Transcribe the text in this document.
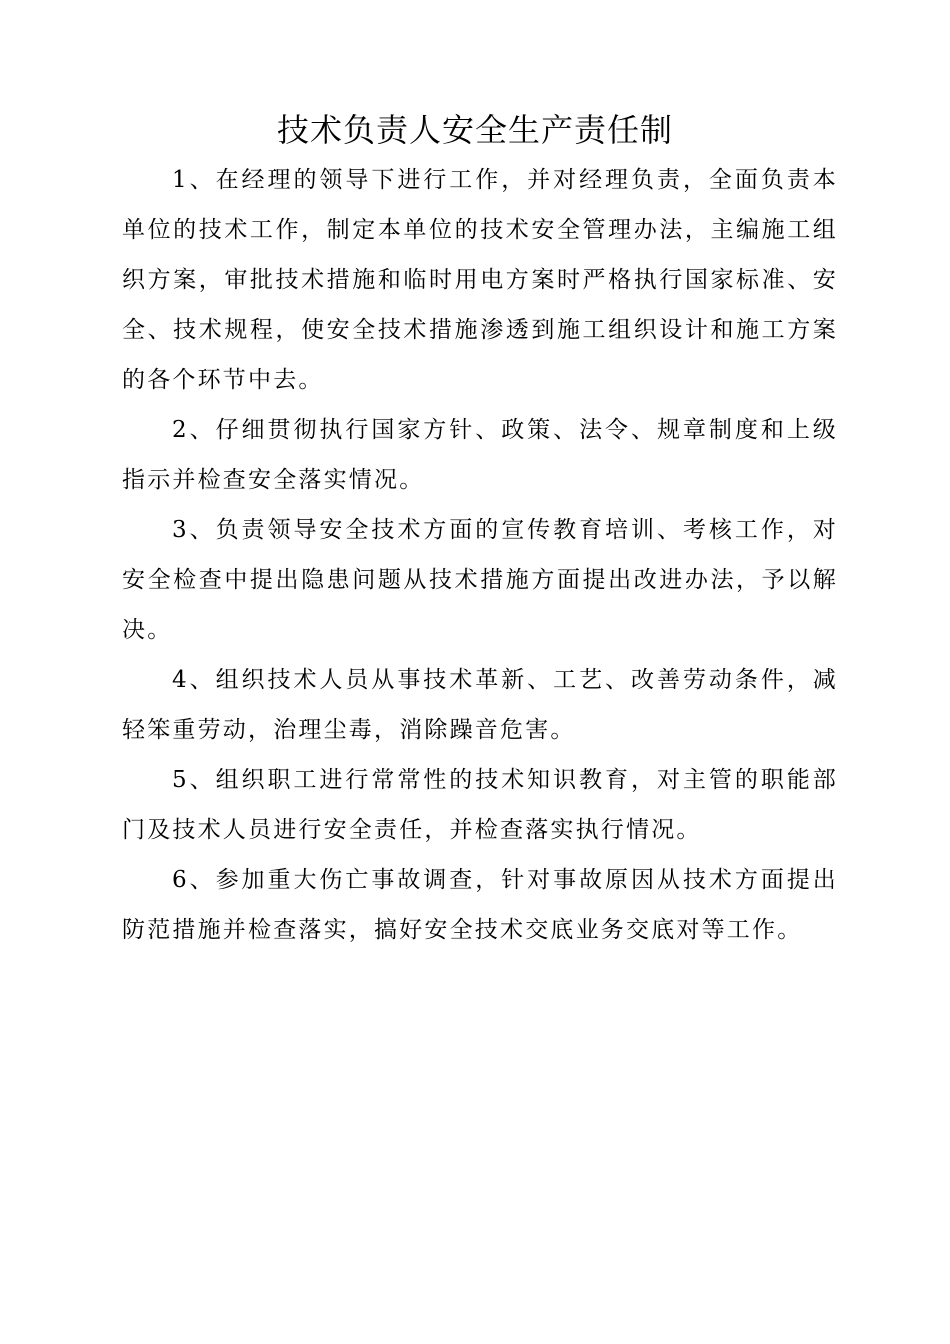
技术负责人安全生产责任制

1、在经理的领导下进行工作，并对经理负责，全面负责本 单位的技术工作，制定本单位的技术安全管理办法，主编施工组 织方案，审批技术措施和临时用电方案时严格执行国家标准、安全、技术规程，使安全技术措施渗透到施工组织设计和施工方案的各个环节中去。

2、仔细贯彻执行国家方针、政策、法令、规章制度和上级 指示并检查安全落实情况。

3、负责领导安全技术方面的宣传教育培训、考核工作，对 安全检查中提出隐患问题从技术措施方面提出改进办法，予以解决。

4、组织技术人员从事技术革新、工艺、改善劳动条件，减 轻笨重劳动，治理尘毒，消除躁音危害。

5、组织职工进行常常性的技术知识教育，对主管的职能部 门及技术人员进行安全责任，并检查落实执行情况。

6、参加重大伤亡事故调查，针对事故原因从技术方面提出 防范措施并检查落实，搞好安全技术交底业务交底对等工作。
